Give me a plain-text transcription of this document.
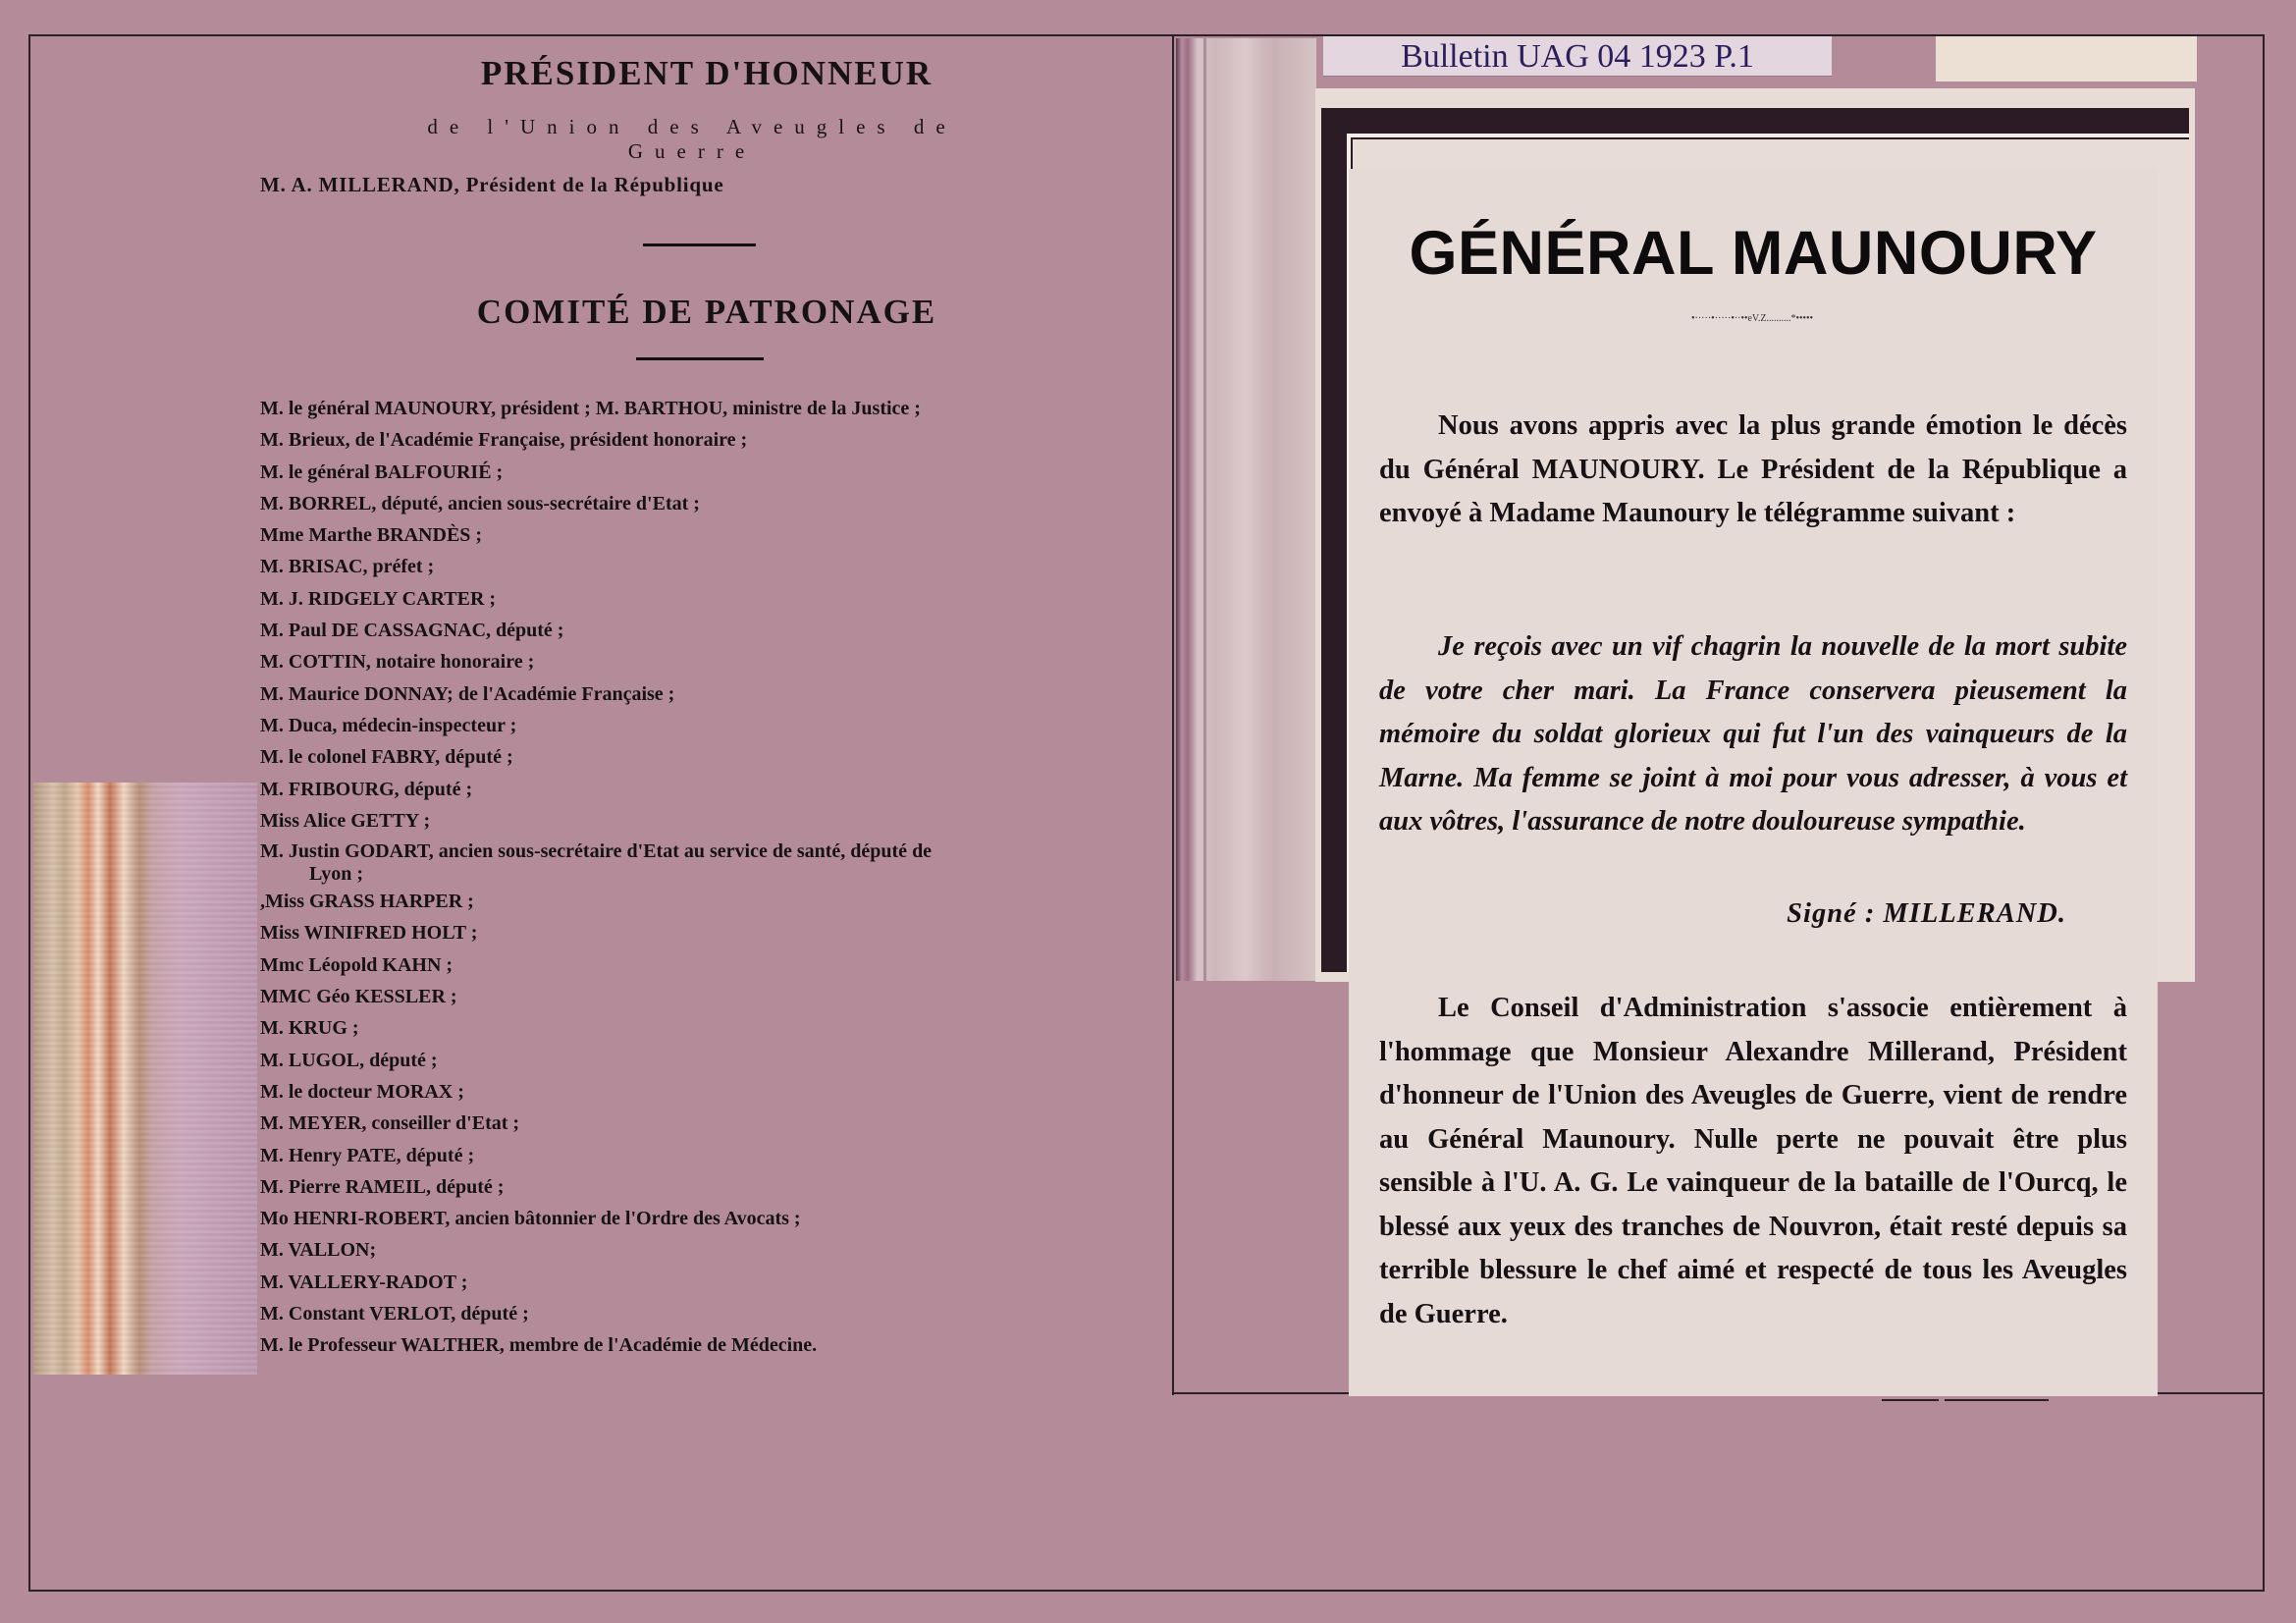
PRÉSIDENT D'HONNEUR

de l'Union des Aveugles de Guerre

M. A. MILLERAND, Président de la République

COMITÉ DE PATRONAGE
M. le général MAUNOURY, président ; M. BARTHOU, ministre de la Justice ;
M. Brieux, de l'Académie Française, président honoraire ;
M. le général BALFOURIÉ ;
M. BORREL, député, ancien sous-secrétaire d'Etat ;
Mme Marthe BRANDÈS ;
M. BRISAC, préfet ;
M. J. RIDGELY CARTER ;
M. Paul DE CASSAGNAC, député ;
M. COTTIN, notaire honoraire ;
M. Maurice DONNAY; de l'Académie Française ;
M. Duca, médecin-inspecteur ;
M. le colonel FABRY, député ;
M. FRIBOURG, député ;
Miss Alice GETTY ;
M. Justin GODART, ancien sous-secrétaire d'Etat au service de santé, député de
Lyon ;
,Miss GRASS HARPER ;
Miss WINIFRED HOLT ;
Mmc Léopold KAHN ;
MMC Géo KESSLER ;
M. KRUG ;
M. LUGOL, député ;
M. le docteur MORAX ;
M. MEYER, conseiller d'Etat ;
M. Henry PATE, député ;
M. Pierre RAMEIL, député ;
Mo HENRI-ROBERT, ancien bâtonnier de l'Ordre des Avocats ;
M. VALLON;
M. VALLERY-RADOT ;
M. Constant VERLOT, député ;
M. le Professeur WALTHER, membre de l'Académie de Médecine.
Bulletin UAG 04 1923 P.1
GÉNÉRAL MAUNOURY
•·····•·····•··••eV.Z..........*•••••

Nous avons appris avec la plus grande émotion le décès du Général MAUNOURY. Le Président de la République a envoyé à Madame Maunoury le télégramme suivant :

Je reçois avec un vif chagrin la nouvelle de la mort subite de votre cher mari. La France conservera pieusement la mémoire du soldat glorieux qui fut l'un des vainqueurs de la Marne. Ma femme se joint à moi pour vous adresser, à vous et aux vôtres, l'assurance de notre douloureuse sympathie.

Signé : MILLERAND.

Le Conseil d'Administration s'associe entièrement à l'hommage que Monsieur Alexandre Millerand, Président d'honneur de l'Union des Aveugles de Guerre, vient de rendre au Général Maunoury. Nulle perte ne pouvait être plus sensible à l'U. A. G. Le vainqueur de la bataille de l'Ourcq, le blessé aux yeux des tranches de Nouvron, était resté depuis sa terrible blessure le chef aimé et respecté de tous les Aveugles de Guerre.
